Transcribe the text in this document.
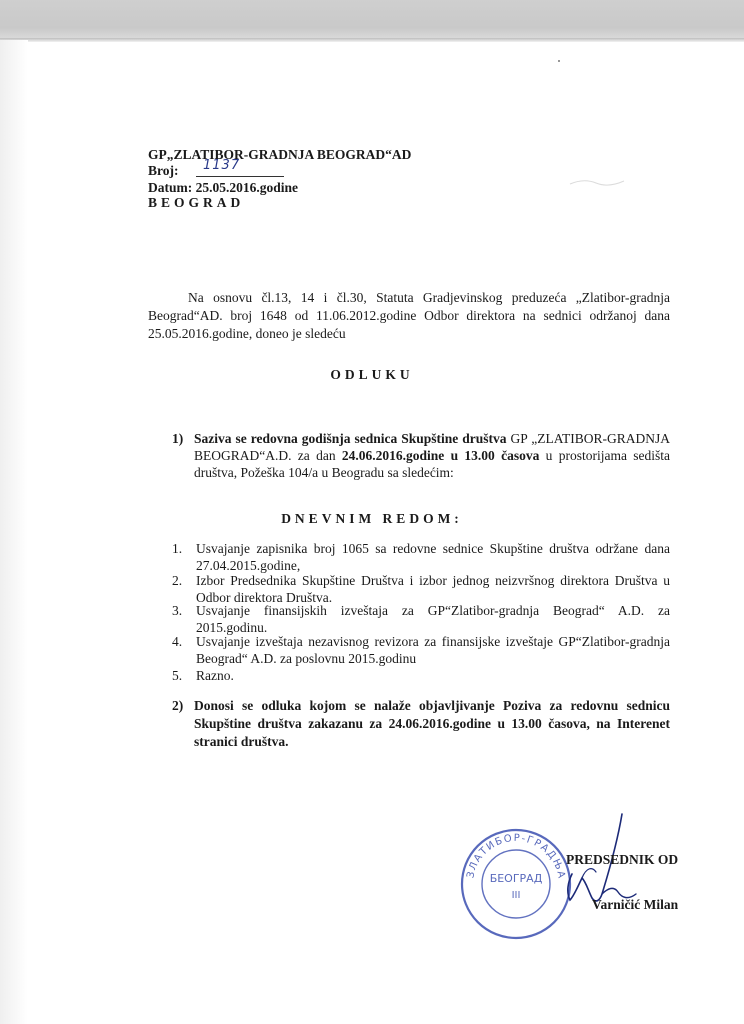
GP„ZLATIBOR-GRADNJA BEOGRAD“AD
Broj: 1137
Datum: 25.05.2016.godine
BEOGRAD
Na osnovu čl.13, 14 i čl.30, Statuta Gradjevinskog preduzeća „Zlatibor-gradnja Beograd“AD. broj 1648 od 11.06.2012.godine Odbor direktora na sednici održanoj dana 25.05.2016.godine, doneo je sledeću
ODLUKU
1) Saziva se redovna godišnja sednica Skupštine društva GP „ZLATIBOR-GRADNJA BEOGRAD“A.D. za dan 24.06.2016.godine u 13.00 časova u prostorijama sedišta društva, Požeška 104/a u Beogradu sa sledećim:
DNEVNIM REDOM:
1. Usvajanje zapisnika broj 1065 sa redovne sednice Skupštine društva održane dana 27.04.2015.godine,
2. Izbor Predsednika Skupštine Društva i izbor jednog neizvršnog direktora Društva u Odbor direktora Društva.
3. Usvajanje finansijskih izveštaja za GP“Zlatibor-gradnja Beograd“ A.D. za 2015.godinu.
4. Usvajanje izveštaja nezavisnog revizora za finansijske izveštaje GP“Zlatibor-gradnja Beograd“ A.D. za poslovnu 2015.godinu
5. Razno.
2) Donosi se odluka kojom se nalaže objavljivanje Poziva za redovnu sednicu Skupštine društva zakazanu za 24.06.2016.godine u 13.00 časova, na Interenet stranici društva.
ЗЛАТИБОР-ГРАДЊА
БЕОГРАД
III
PREDSEDNIK OD
Varničić Milan
